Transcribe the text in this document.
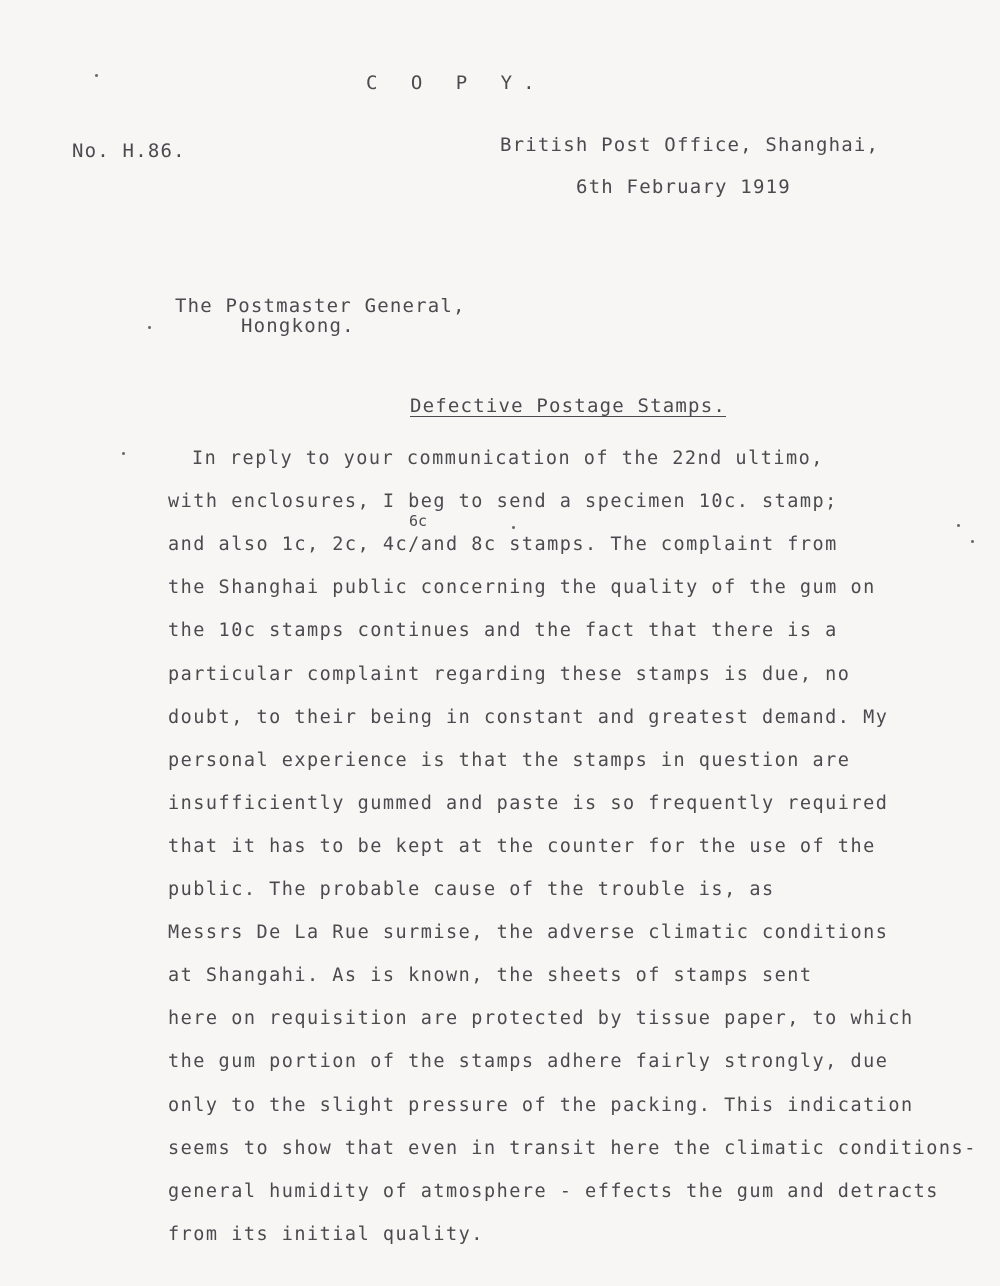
C O P Y.
No. H.86.	British Post Office, Shanghai,
6th February 1919
The Postmaster General,
Hongkong.
Defective Postage Stamps.
6c
In reply to your communication of the 22nd ultimo,
with enclosures, I beg to send a specimen 10c. stamp;
and also 1c, 2c, 4c/and 8c stamps. The complaint from
the Shanghai public concerning the quality of the gum on
the 10c stamps continues and the fact that there is a
particular complaint regarding these stamps is due, no
doubt, to their being in constant and greatest demand. My
personal experience is that the stamps in question are
insufficiently gummed and paste is so frequently required
that it has to be kept at the counter for the use of the
public. The probable cause of the trouble is, as
Messrs De La Rue surmise, the adverse climatic conditions
at Shangahi. As is known, the sheets of stamps sent
here on requisition are protected by tissue paper, to which
the gum portion of the stamps adhere fairly strongly, due
only to the slight pressure of the packing. This indication
seems to show that even in transit here the climatic conditions-
general humidity of atmosphere - effects the gum and detracts
from its initial quality.
